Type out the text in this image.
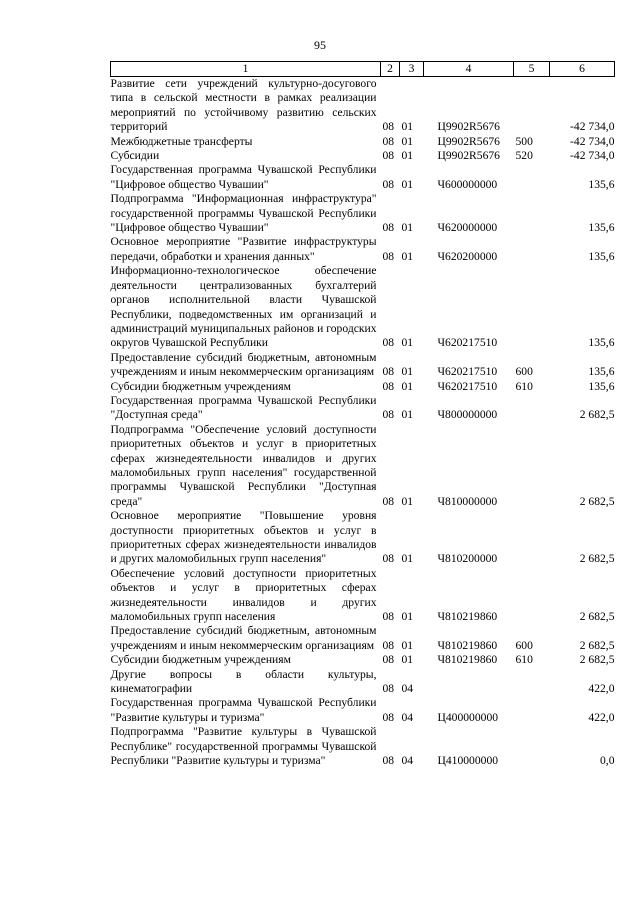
95
1	2	3	4	5	6
Развитие сети учреждений культурно-досугового типа в сельской местности в рамках реализации мероприятий по устойчивому развитию сельских территорий	08	01	Ц9902R5676		-42 734,0
Межбюджетные трансферты	08	01	Ц9902R5676	500	-42 734,0
Субсидии	08	01	Ц9902R5676	520	-42 734,0
Государственная программа Чувашской Республики "Цифровое общество Чувашии"	08	01	Ч600000000		135,6
Подпрограмма "Информационная инфраструктура" государственной программы Чувашской Республики "Цифровое общество Чувашии"	08	01	Ч620000000		135,6
Основное мероприятие "Развитие инфраструктуры передачи, обработки и хранения данных"	08	01	Ч620200000		135,6
Информационно-технологическое обеспечение деятельности централизованных бухгалтерий органов исполнительной власти Чувашской Республики, подведомственных им организаций и администраций муниципальных районов и городских округов Чувашской Республики	08	01	Ч620217510		135,6
Предоставление субсидий бюджетным, автономным учреждениям и иным некоммерческим организациям	08	01	Ч620217510	600	135,6
Субсидии бюджетным учреждениям	08	01	Ч620217510	610	135,6
Государственная программа Чувашской Республики "Доступная среда"	08	01	Ч800000000		2 682,5
Подпрограмма "Обеспечение условий доступности приоритетных объектов и услуг в приоритетных сферах жизнедеятельности инвалидов и других маломобильных групп населения" государственной программы Чувашской Республики "Доступная среда"	08	01	Ч810000000		2 682,5
Основное мероприятие "Повышение уровня доступности приоритетных объектов и услуг в приоритетных сферах жизнедеятельности инвалидов и других маломобильных групп населения"	08	01	Ч810200000		2 682,5
Обеспечение условий доступности приоритетных объектов и услуг в приоритетных сферах жизнедеятельности инвалидов и других маломобильных групп населения	08	01	Ч810219860		2 682,5
Предоставление субсидий бюджетным, автономным учреждениям и иным некоммерческим организациям	08	01	Ч810219860	600	2 682,5
Субсидии бюджетным учреждениям	08	01	Ч810219860	610	2 682,5
Другие вопросы в области культуры, кинематографии	08	04			422,0
Государственная программа Чувашской Республики "Развитие культуры и туризма"	08	04	Ц400000000		422,0
Подпрограмма "Развитие культуры в Чувашской Республике" государственной программы Чувашской Республики "Развитие культуры и туризма"	08	04	Ц410000000		0,0
